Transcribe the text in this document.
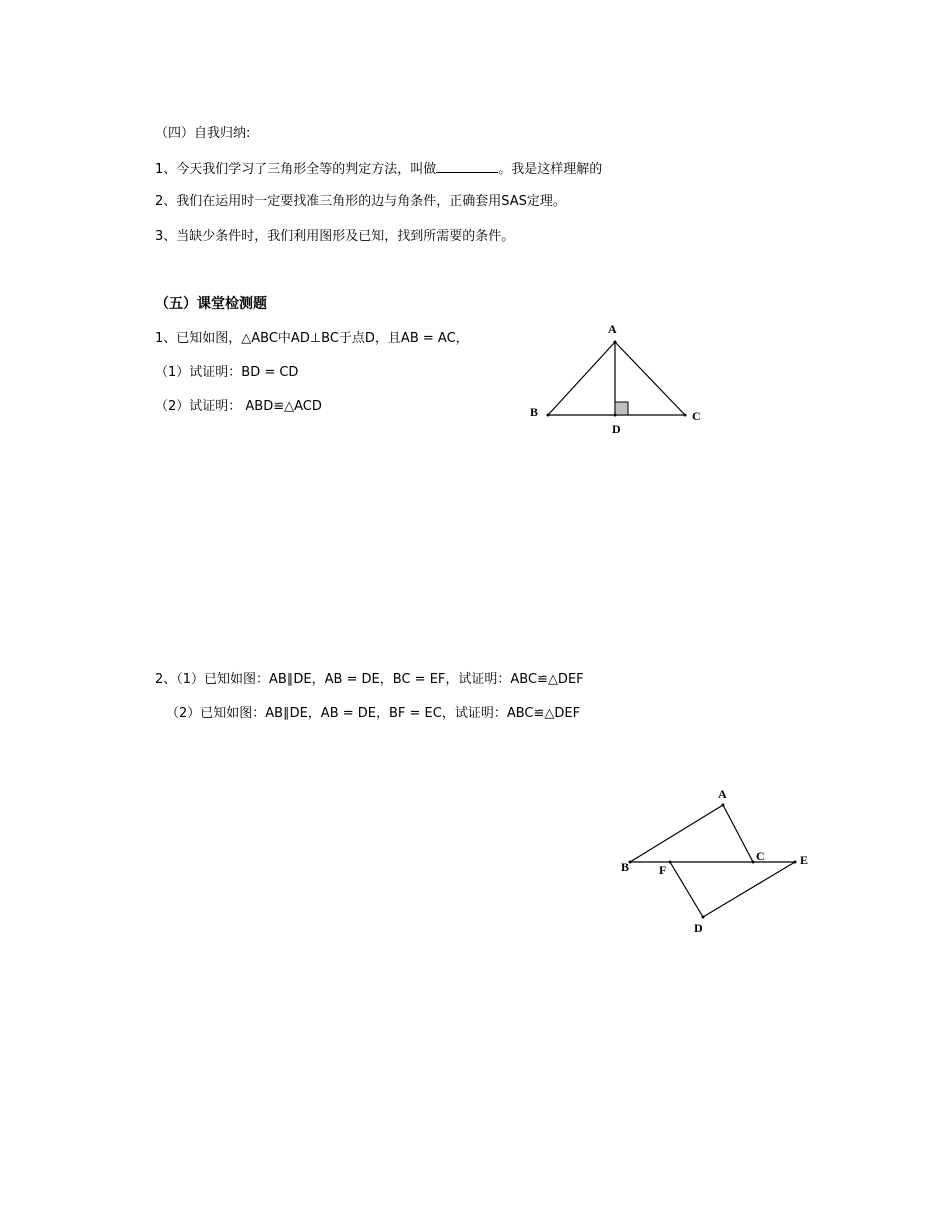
（四）自我归纳:
1、今天我们学习了三角形全等的判定方法，叫做	。我是这样理解的
2、我们在运用时一定要找准三角形的边与角条件，正确套用SAS定理。
3、当缺少条件时，我们利用图形及已知，找到所需要的条件。
（五）课堂检测题
1、已知如图，△ABC中AD⊥BC于点D，且AB = AC，
（1）试证明：BD = CD
（2）试证明： ABD≌△ACD
A
B	C
D
2、（1）已知如图：AB∥DE，AB = DE，BC = EF，试证明：ABC≌△DEF
（2）已知如图：AB∥DE，AB = DE，BF = EC，试证明：ABC≌△DEF
A
B
C	E
F
D
